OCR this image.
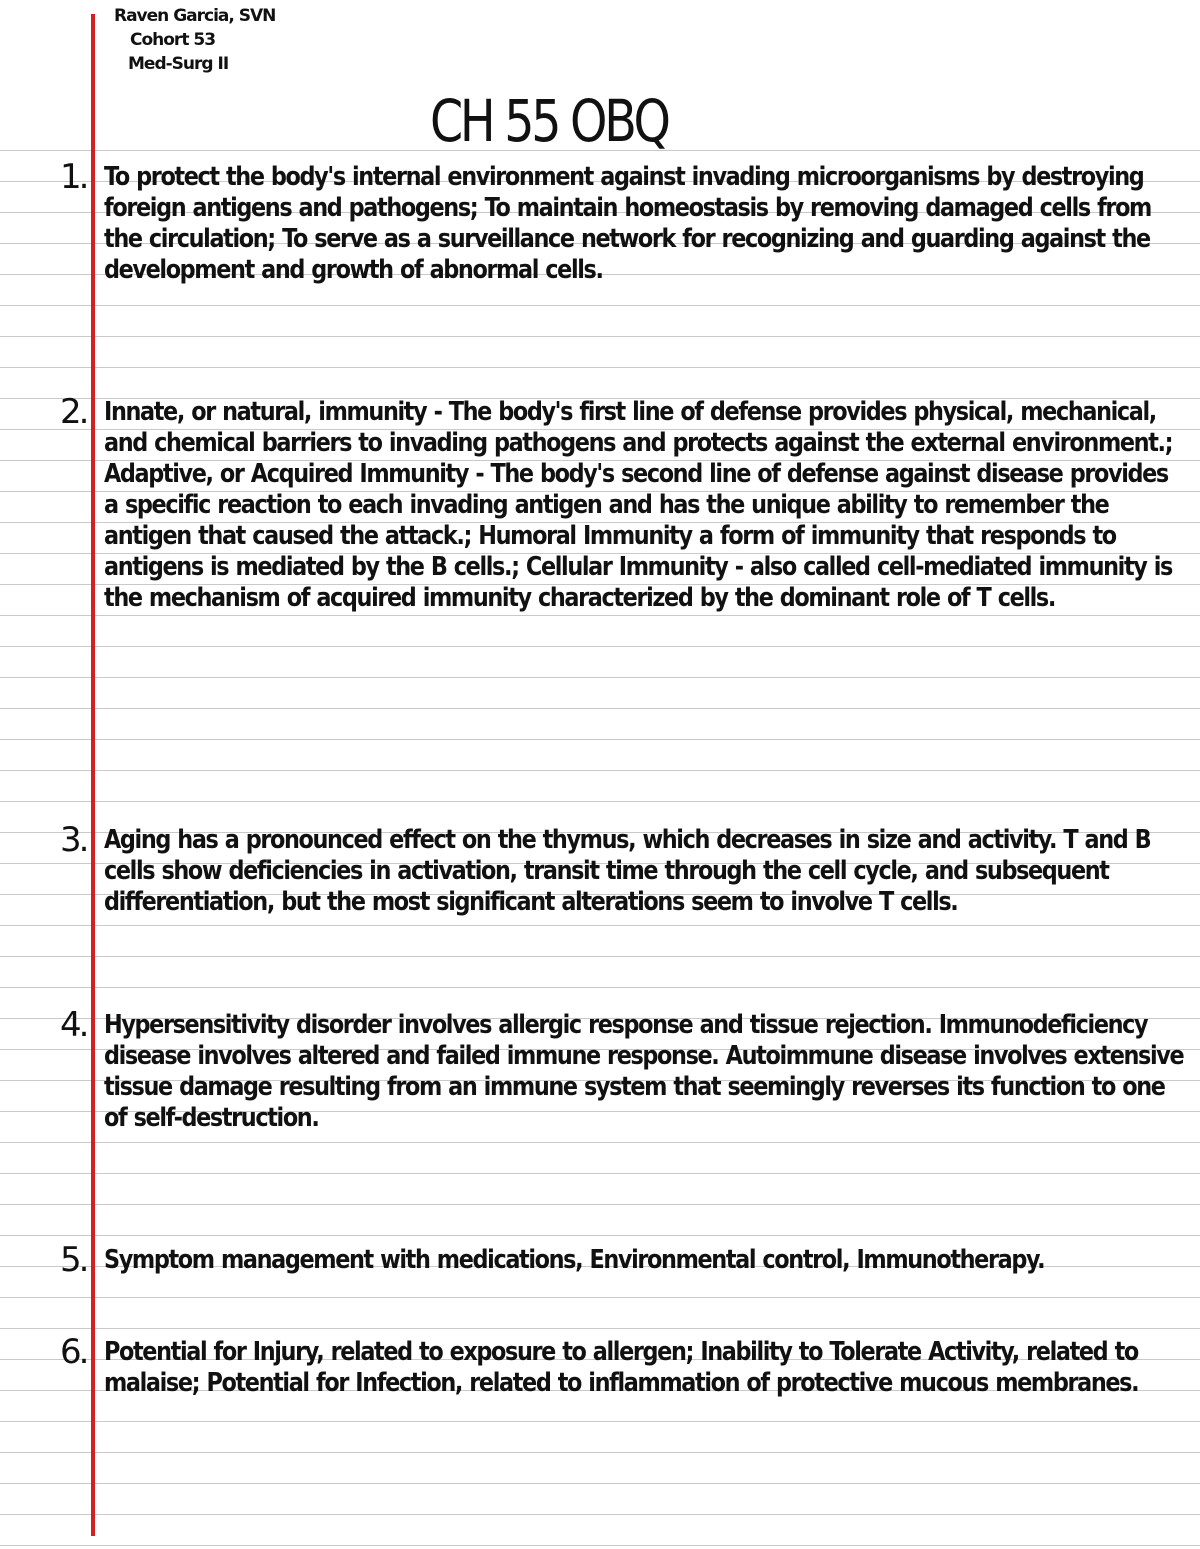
Raven Garcia, SVN
Cohort 53
Med-Surg II
CH 55 OBQ
1. To protect the body's internal environment against invading microorganisms by destroying foreign antigens and pathogens; To maintain homeostasis by removing damaged cells from the circulation; To serve as a surveillance network for recognizing and guarding against the development and growth of abnormal cells.
2. Innate, or natural, immunity - The body's first line of defense provides physical, mechanical, and chemical barriers to invading pathogens and protects against the external environment.; Adaptive, or Acquired Immunity - The body's second line of defense against disease provides a specific reaction to each invading antigen and has the unique ability to remember the antigen that caused the attack.; Humoral Immunity a form of immunity that responds to antigens is mediated by the B cells.; Cellular Immunity - also called cell-mediated immunity is the mechanism of acquired immunity characterized by the dominant role of T cells.
3. Aging has a pronounced effect on the thymus, which decreases in size and activity. T and B cells show deficiencies in activation, transit time through the cell cycle, and subsequent differentiation, but the most significant alterations seem to involve T cells.
4. Hypersensitivity disorder involves allergic response and tissue rejection. Immunodeficiency disease involves altered and failed immune response. Autoimmune disease involves extensive tissue damage resulting from an immune system that seemingly reverses its function to one of self-destruction.
5. Symptom management with medications, Environmental control, Immunotherapy.
6. Potential for Injury, related to exposure to allergen; Inability to Tolerate Activity, related to malaise; Potential for Infection, related to inflammation of protective mucous membranes.
